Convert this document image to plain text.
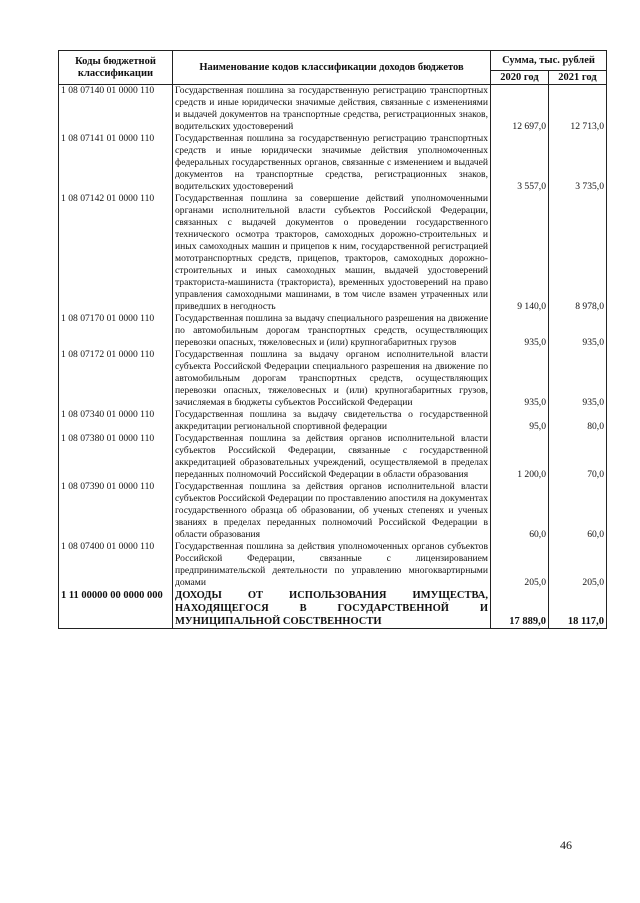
Коды бюджетной классификации	Наименование кодов классификации доходов бюджетов	Сумма, тыс. рублей	
		2020 год	2021 год
1 08 07140 01 0000 110	Государственная пошлина за государственную регистрацию транспортных средств и иные юридически значимые действия, связанные с изменениями и выдачей документов на транспортные средства, регистрационных знаков, водительских удостоверений	12 697,0	12 713,0
1 08 07141 01 0000 110	Государственная пошлина за государственную регистрацию транспортных средств и иные юридически значимые действия уполномоченных федеральных государственных органов, связанные с изменением и выдачей документов на транспортные средства, регистрационных знаков, водительских удостоверений	3 557,0	3 735,0
1 08 07142 01 0000 110	Государственная пошлина за совершение действий уполномоченными органами исполнительной власти субъектов Российской Федерации, связанных с выдачей документов о проведении государственного технического осмотра тракторов, самоходных дорожно-строительных и иных самоходных машин и прицепов к ним, государственной регистрацией мототранспортных средств, прицепов, тракторов, самоходных дорожно-строительных и иных самоходных машин, выдачей удостоверений тракториста-машиниста (тракториста), временных удостоверений на право управления самоходными машинами, в том числе взамен утраченных или приведших в негодность	9 140,0	8 978,0
1 08 07170 01 0000 110	Государственная пошлина за выдачу специального разрешения на движение по автомобильным дорогам транспортных средств, осуществляющих перевозки опасных, тяжеловесных и (или) крупногабаритных грузов	935,0	935,0
1 08 07172 01 0000 110	Государственная пошлина за выдачу органом исполнительной власти субъекта Российской Федерации специального разрешения на движение по автомобильным дорогам транспортных средств, осуществляющих перевозки опасных, тяжеловесных и (или) крупногабаритных грузов, зачисляемая в бюджеты субъектов Российской Федерации	935,0	935,0
1 08 07340 01 0000 110	Государственная пошлина за выдачу свидетельства о государственной аккредитации региональной спортивной федерации	95,0	80,0
1 08 07380 01 0000 110	Государственная пошлина за действия органов исполнительной власти субъектов Российской Федерации, связанные с государственной аккредитацией образовательных учреждений, осуществляемой в пределах переданных полномочий Российской Федерации в области образования	1 200,0	70,0
1 08 07390 01 0000 110	Государственная пошлина за действия органов исполнительной власти субъектов Российской Федерации по проставлению апостиля на документах государственного образца об образовании, об ученых степенях и ученых званиях в пределах переданных полномочий Российской Федерации в области образования	60,0	60,0
1 08 07400 01 0000 110	Государственная пошлина за действия уполномоченных органов субъектов Российской Федерации, связанные с лицензированием предпринимательской деятельности по управлению многоквартирными домами	205,0	205,0
1 11 00000 00 0000 000	ДОХОДЫ ОТ ИСПОЛЬЗОВАНИЯ ИМУЩЕСТВА, НАХОДЯЩЕГОСЯ В ГОСУДАРСТВЕННОЙ И МУНИЦИПАЛЬНОЙ СОБСТВЕННОСТИ	17 889,0	18 117,0
46
